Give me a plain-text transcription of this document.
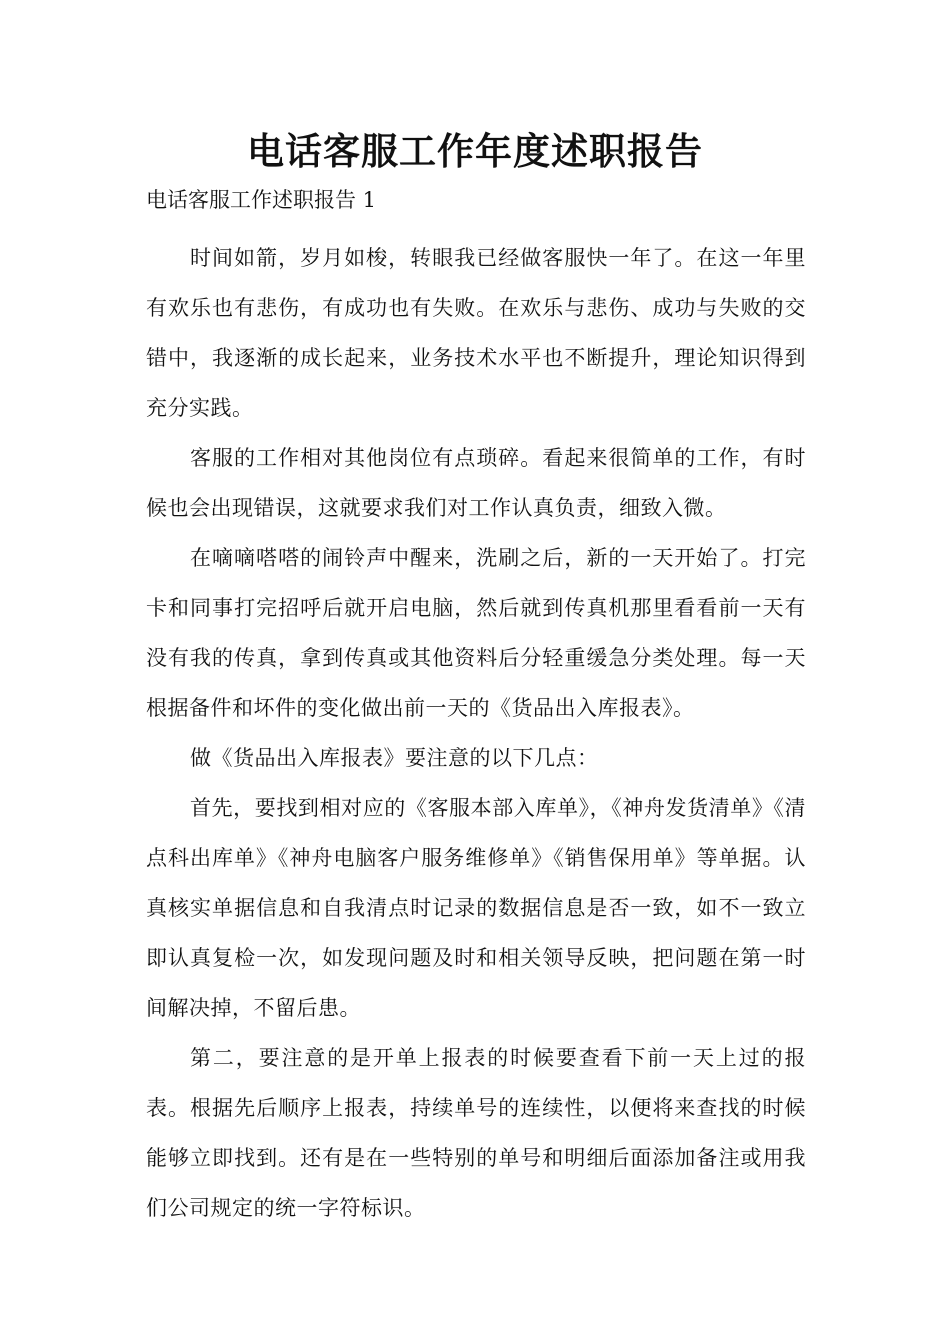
电话客服工作年度述职报告

电话客服工作述职报告 1

时间如箭，岁月如梭，转眼我已经做客服快一年了。在这一年里有欢乐也有悲伤，有成功也有失败。在欢乐与悲伤、成功与失败的交错中，我逐渐的成长起来，业务技术水平也不断提升，理论知识得到充分实践。

客服的工作相对其他岗位有点琐碎。看起来很简单的工作，有时候也会出现错误，这就要求我们对工作认真负责，细致入微。

在嘀嘀嗒嗒的闹铃声中醒来，洗刷之后，新的一天开始了。打完卡和同事打完招呼后就开启电脑，然后就到传真机那里看看前一天有没有我的传真，拿到传真或其他资料后分轻重缓急分类处理。每一天根据备件和坏件的变化做出前一天的《货品出入库报表》。

做《货品出入库报表》要注意的以下几点：

首先，要找到相对应的《客服本部入库单》，《神舟发货清单》《清点科出库单》《神舟电脑客户服务维修单》《销售保用单》等单据。认真核实单据信息和自我清点时记录的数据信息是否一致，如不一致立即认真复检一次，如发现问题及时和相关领导反映，把问题在第一时间解决掉，不留后患。

第二，要注意的是开单上报表的时候要查看下前一天上过的报表。根据先后顺序上报表，持续单号的连续性，以便将来查找的时候能够立即找到。还有是在一些特别的单号和明细后面添加备注或用我们公司规定的统一字符标识。
